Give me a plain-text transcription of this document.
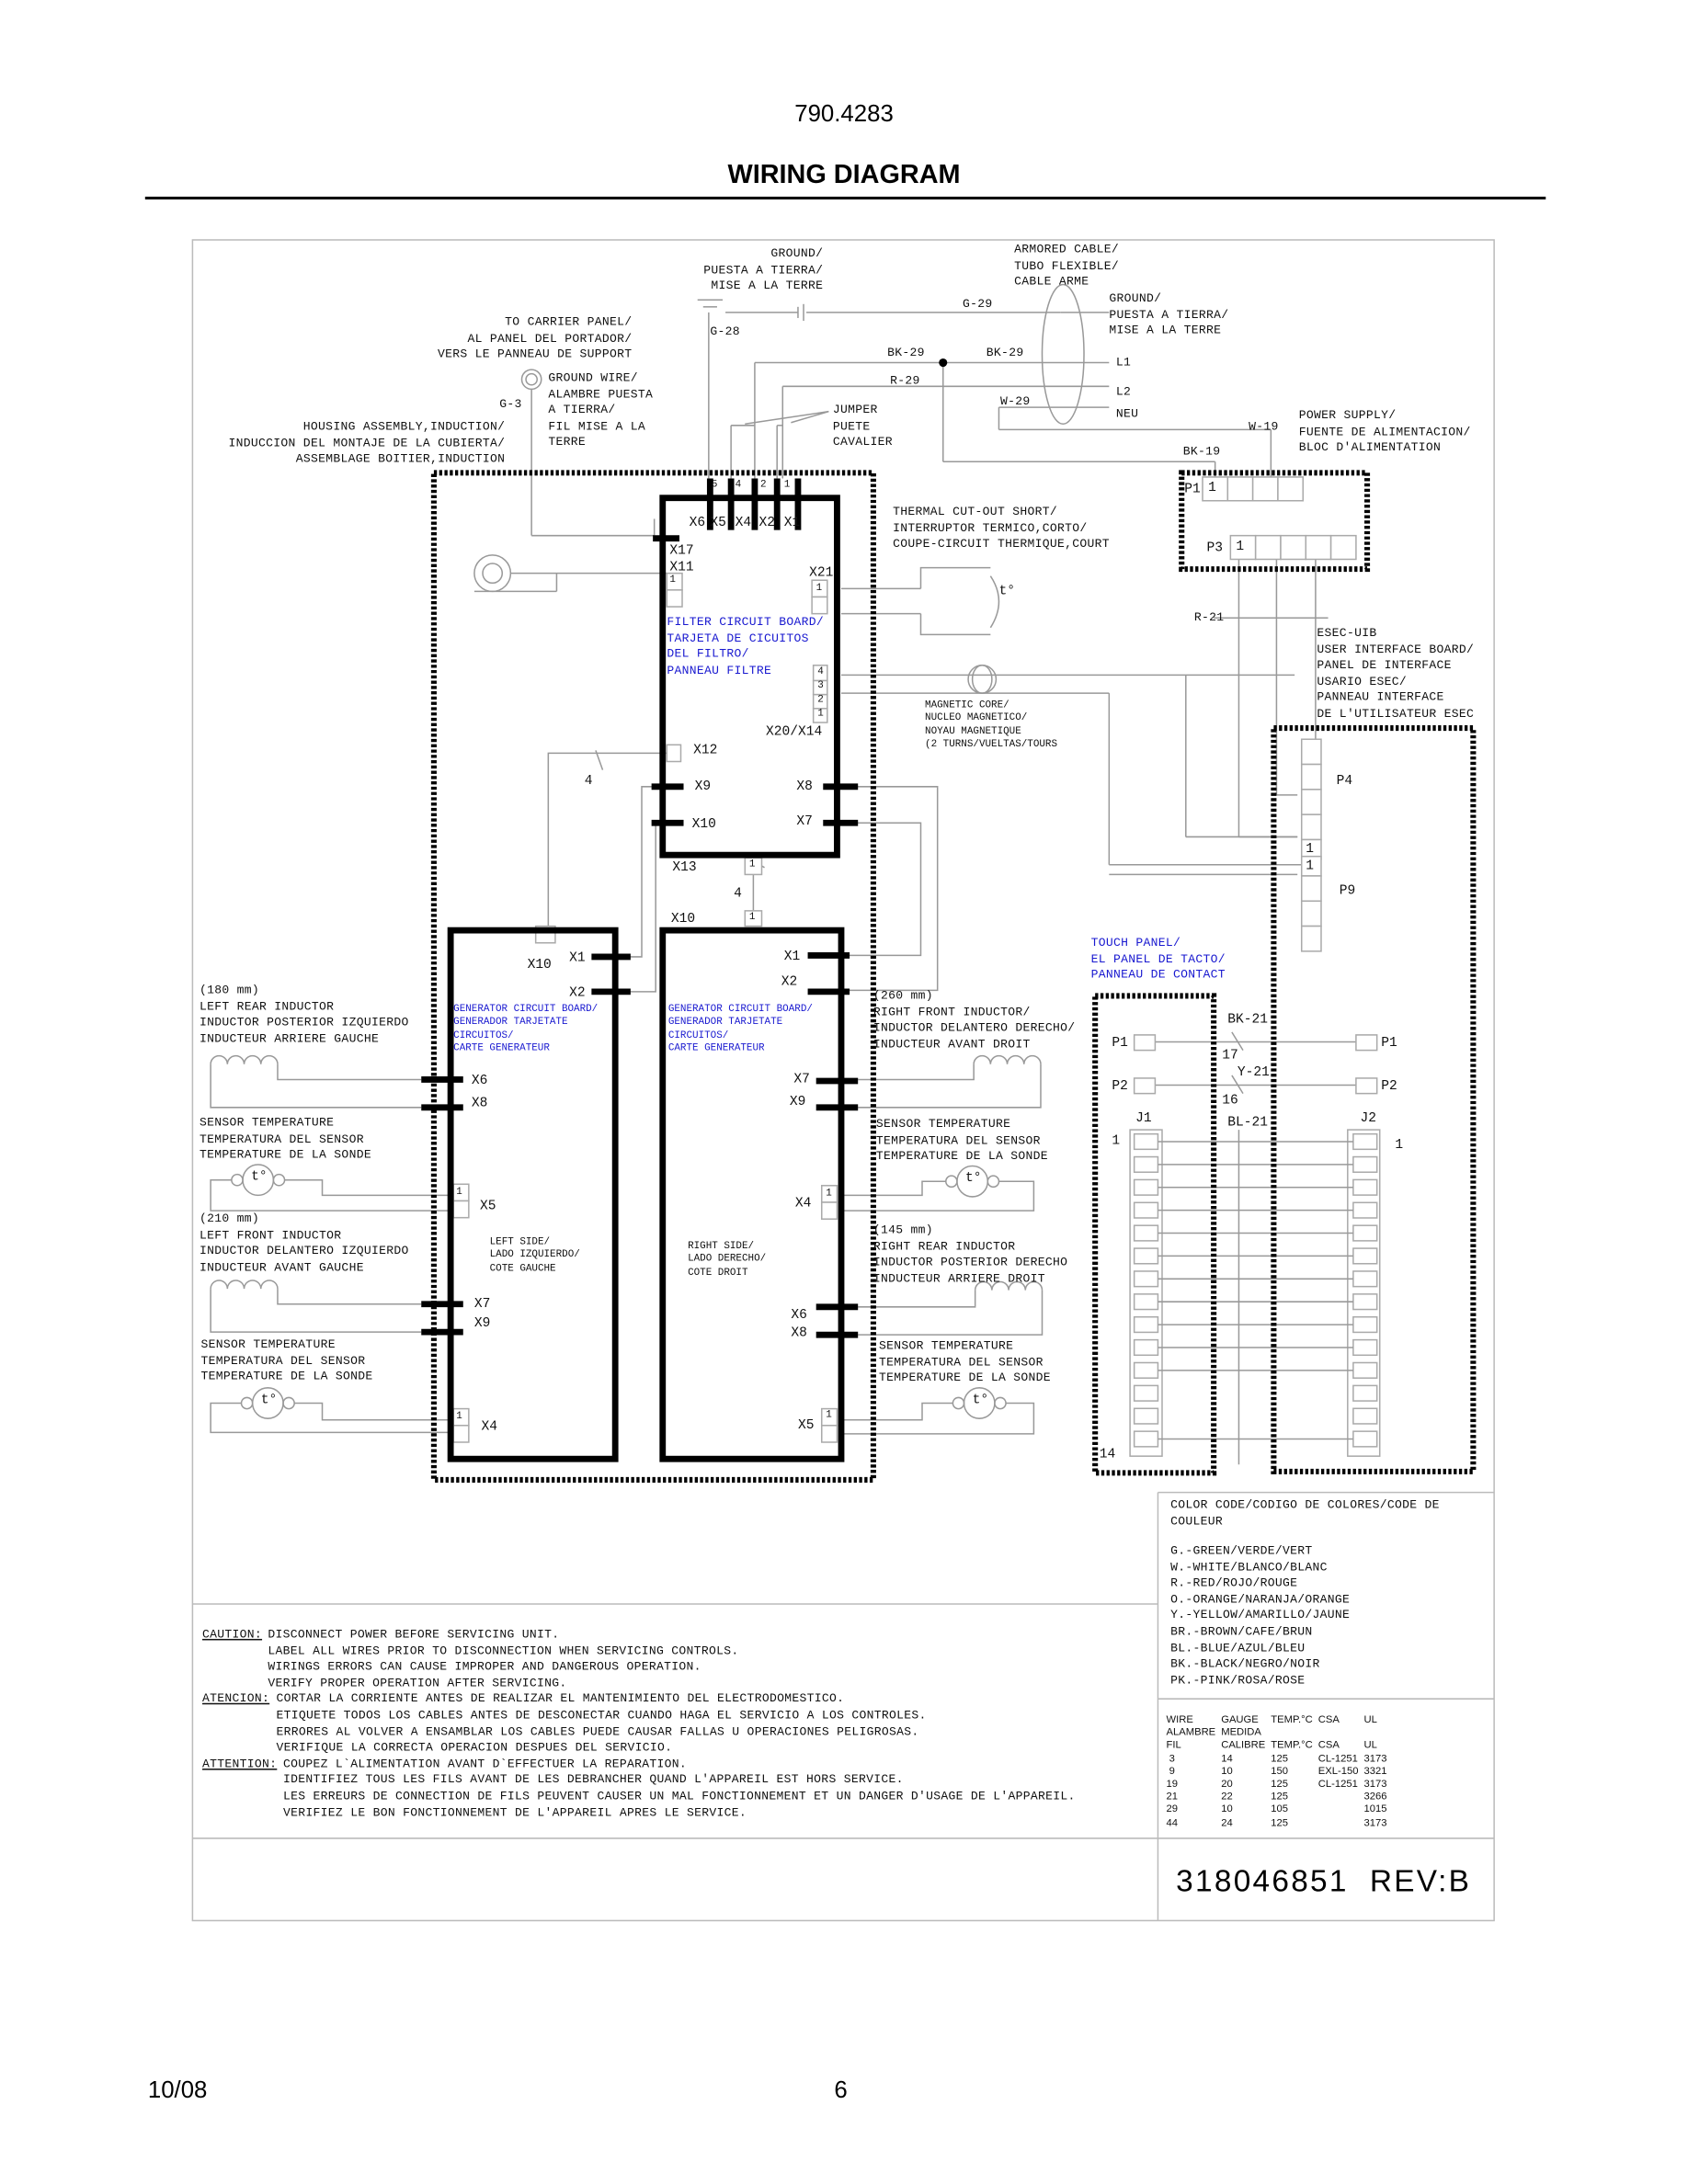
790.4283
WIRING DIAGRAM
GROUND/
PUESTA A TIERRA/
MISE A LA TERRE
ARMORED CABLE/
TUBO FLEXIBLE/
CABLE ARME
GROUND/
PUESTA A TIERRA/
MISE A LA TERRE
TO CARRIER PANEL/
AL PANEL DEL PORTADOR/
VERS LE PANNEAU DE SUPPORT
GROUND WIRE/
ALAMBRE PUESTA
A TIERRA/
FIL MISE A LA
TERRE
HOUSING ASSEMBLY,INDUCTION/
INDUCCION DEL MONTAJE DE LA CUBIERTA/
ASSEMBLAGE BOITIER,INDUCTION
JUMPER
PUETE
CAVALIER
POWER SUPPLY/
FUENTE DE ALIMENTACION/
BLOC D'ALIMENTATION
THERMAL CUT-OUT SHORT/
INTERRUPTOR TERMICO,CORTO/
COUPE-CIRCUIT THERMIQUE,COURT
MAGNETIC CORE/
NUCLEO MAGNETICO/
NOYAU MAGNETIQUE
(2 TURNS/VUELTAS/TOURS
ESEC-UIB
USER INTERFACE BOARD/
PANEL DE INTERFACE
USARIO ESEC/
PANNEAU INTERFACE
DE L'UTILISATEUR ESEC
G-28
G-29
G-3
BK-29	BK-29
R-29
W-29
W-19
BK-19
R-21
L1
L2
NEU
BK-21
17
Y-21
16
BL-21
4
4
5	4	2	1
X6 X5 X4 X2 X1
X17
X11
1	X21
1	t°
FILTER CIRCUIT BOARD/
TARJETA DE CICUITOS
DEL FILTRO/
PANNEAU FILTRE	4
3
2
1
X20/X14
X12
X9
X10
X8
X7
X13	1
1
X10
X10 X1
X2
GENERATOR CIRCUIT BOARD/
GENERADOR TARJETATE
CIRCUITOS/
CARTE GENERATEUR
X6
X8
1
X5
LEFT SIDE/
LADO IZQUIERDO/
COTE GAUCHE
X7
X9
1
X4
X1
X2
GENERATOR CIRCUIT BOARD/
GENERADOR TARJETATE
CIRCUITOS/
CARTE GENERATEUR
X7
X9
1
X4
RIGHT SIDE/
LADO DERECHO/
COTE DROIT
X6
X8
1
X5
(180 mm)
LEFT REAR INDUCTOR
INDUCTOR POSTERIOR IZQUIERDO
INDUCTEUR ARRIERE GAUCHE
SENSOR TEMPERATURE
TEMPERATURA DEL SENSOR
TEMPERATURE DE LA SONDE
t°
(210 mm)
LEFT FRONT INDUCTOR
INDUCTOR DELANTERO IZQUIERDO
INDUCTEUR AVANT GAUCHE
SENSOR TEMPERATURE
TEMPERATURA DEL SENSOR
TEMPERATURE DE LA SONDE
t°
(260 mm)
RIGHT FRONT INDUCTOR/
INDUCTOR DELANTERO DERECHO/
INDUCTEUR AVANT DROIT
SENSOR TEMPERATURE
TEMPERATURA DEL SENSOR
TEMPERATURE DE LA SONDE
t°
(145 mm)
RIGHT REAR INDUCTOR
INDUCTOR POSTERIOR DERECHO
INDUCTEUR ARRIERE DROIT
SENSOR TEMPERATURE
TEMPERATURA DEL SENSOR
TEMPERATURE DE LA SONDE
t°
P1 1
P3 1
P4
1
1
P9
TOUCH PANEL/
EL PANEL DE TACTO/
PANNEAU DE CONTACT
P1
P2
P1
P2
J1	J2
1	1
14
CAUTION: DISCONNECT POWER BEFORE SERVICING UNIT.
LABEL ALL WIRES PRIOR TO DISCONNECTION WHEN SERVICING CONTROLS.
WIRINGS ERRORS CAN CAUSE IMPROPER AND DANGEROUS OPERATION.
VERIFY PROPER OPERATION AFTER SERVICING.
ATENCION: CORTAR LA CORRIENTE ANTES DE REALIZAR EL MANTENIMIENTO DEL ELECTRODOMESTICO.
ETIQUETE TODOS LOS CABLES ANTES DE DESCONECTAR CUANDO HAGA EL SERVICIO A LOS CONTROLES.
ERRORES AL VOLVER A ENSAMBLAR LOS CABLES PUEDE CAUSAR FALLAS U OPERACIONES PELIGROSAS.
VERIFIQUE LA CORRECTA OPERACION DESPUES DEL SERVICIO.
ATTENTION: COUPEZ L`ALIMENTATION AVANT D`EFFECTUER LA REPARATION.
IDENTIFIEZ TOUS LES FILS AVANT DE LES DEBRANCHER QUAND L'APPAREIL EST HORS SERVICE.
LES ERREURS DE CONNECTION DE FILS PEUVENT CAUSER UN MAL FONCTIONNEMENT ET UN DANGER D'USAGE DE L'APPAREIL.
VERIFIEZ LE BON FONCTIONNEMENT DE L'APPAREIL APRES LE SERVICE.
COLOR CODE/CODIGO DE COLORES/CODE DE
COULEUR
G.-GREEN/VERDE/VERT
W.-WHITE/BLANCO/BLANC
R.-RED/ROJO/ROUGE
O.-ORANGE/NARANJA/ORANGE
Y.-YELLOW/AMARILLO/JAUNE
BR.-BROWN/CAFE/BRUN
BL.-BLUE/AZUL/BLEU
BK.-BLACK/NEGRO/NOIR
PK.-PINK/ROSA/ROSE
WIRE	GAUGE	TEMP.°C	CSA	UL
ALAMBRE	MEDIDA			
FIL	CALIBRE	TEMP.°C	CSA	UL
3	14	125	CL-1251	3173
9	10	150	EXL-150	3321
19	20	125	CL-1251	3173
21	22	125		3266
29	10	105		1015
44	24	125		3173
318046851  REV:B
10/08	6
